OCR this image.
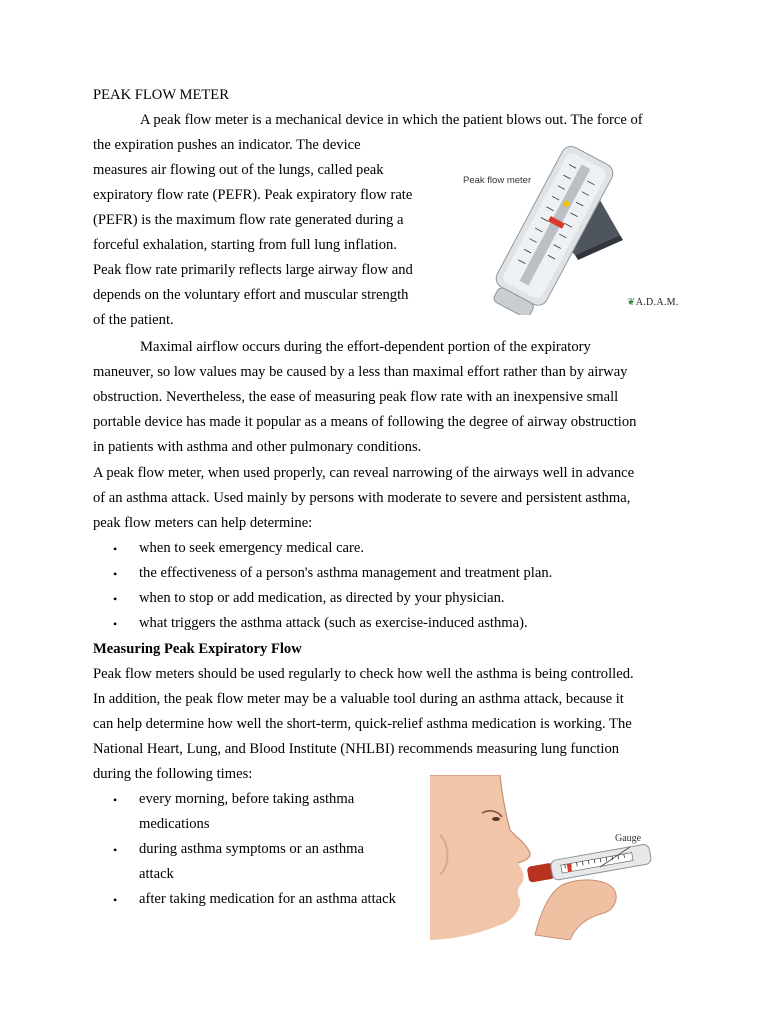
PEAK FLOW METER
A peak flow meter is a mechanical device in which the patient blows out. The force of
the expiration pushes an indicator. The device
measures air flowing out of the lungs, called peak
expiratory flow rate (PEFR). Peak expiratory flow rate
(PEFR) is the maximum flow rate generated during a
forceful exhalation, starting from full lung inflation.
Peak flow rate primarily reflects large airway flow and
depends on the voluntary effort and muscular strength
of the patient.
Peak flow meter
❦A.D.A.M.
Maximal airflow occurs during the effort-dependent portion of the expiratory
maneuver, so low values may be caused by a less than maximal effort rather than by airway
obstruction. Nevertheless, the ease of measuring peak flow rate with an inexpensive small
portable device has made it popular as a means of following the degree of airway obstruction
in patients with asthma and other pulmonary conditions.
A peak flow meter, when used properly, can reveal narrowing of the airways well in advance
of an asthma attack. Used mainly by persons with moderate to severe and persistent asthma,
peak flow meters can help determine:
• when to seek emergency medical care.
• the effectiveness of a person's asthma management and treatment plan.
• when to stop or add medication, as directed by your physician.
• what triggers the asthma attack (such as exercise-induced asthma).
Measuring Peak Expiratory Flow
Peak flow meters should be used regularly to check how well the asthma is being controlled.
In addition, the peak flow meter may be a valuable tool during an asthma attack, because it
can help determine how well the short-term, quick-relief asthma medication is working. The
National Heart, Lung, and Blood Institute (NHLBI) recommends measuring lung function
during the following times:
• every morning, before taking asthma
medications
• during asthma symptoms or an asthma
attack
• after taking medication for an asthma attack
Gauge
